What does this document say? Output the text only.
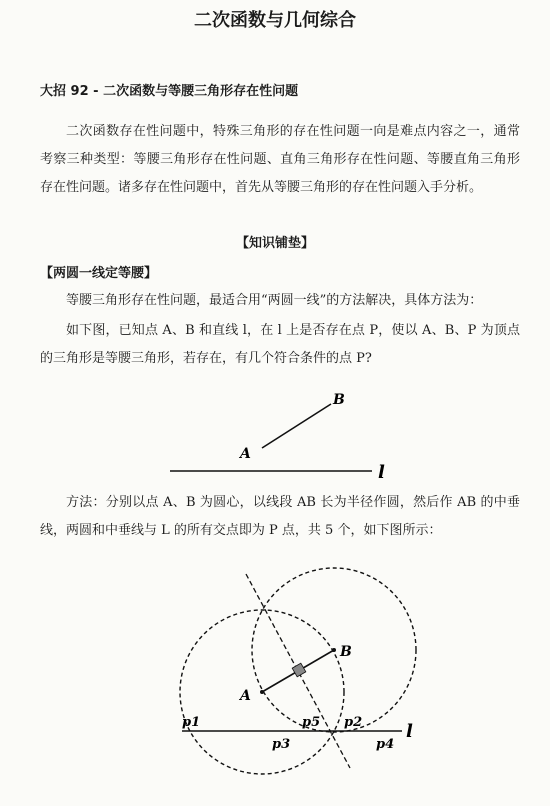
二次函数与几何综合
大招 92 - 二次函数与等腰三角形存在性问题
二次函数存在性问题中，特殊三角形的存在性问题一向是难点内容之一，通常考察三种类型：等腰三角形存在性问题、直角三角形存在性问题、等腰直角三角形存在性问题。诸多存在性问题中，首先从等腰三角形的存在性问题入手分析。
【知识铺垫】
【两圆一线定等腰】
等腰三角形存在性问题，最适合用“两圆一线”的方法解决，具体方法为：
如下图，已知点 A、B 和直线 l，在 l 上是否存在点 P，使以 A、B、P 为顶点的三角形是等腰三角形，若存在，有几个符合条件的点 P?
B
A
l
方法：分别以点 A、B 为圆心，以线段 AB 长为半径作圆，然后作 AB 的中垂线，两圆和中垂线与 L 的所有交点即为 P 点，共 5 个，如下图所示：
A
B
l
p1	p2
p3	p4
p5
